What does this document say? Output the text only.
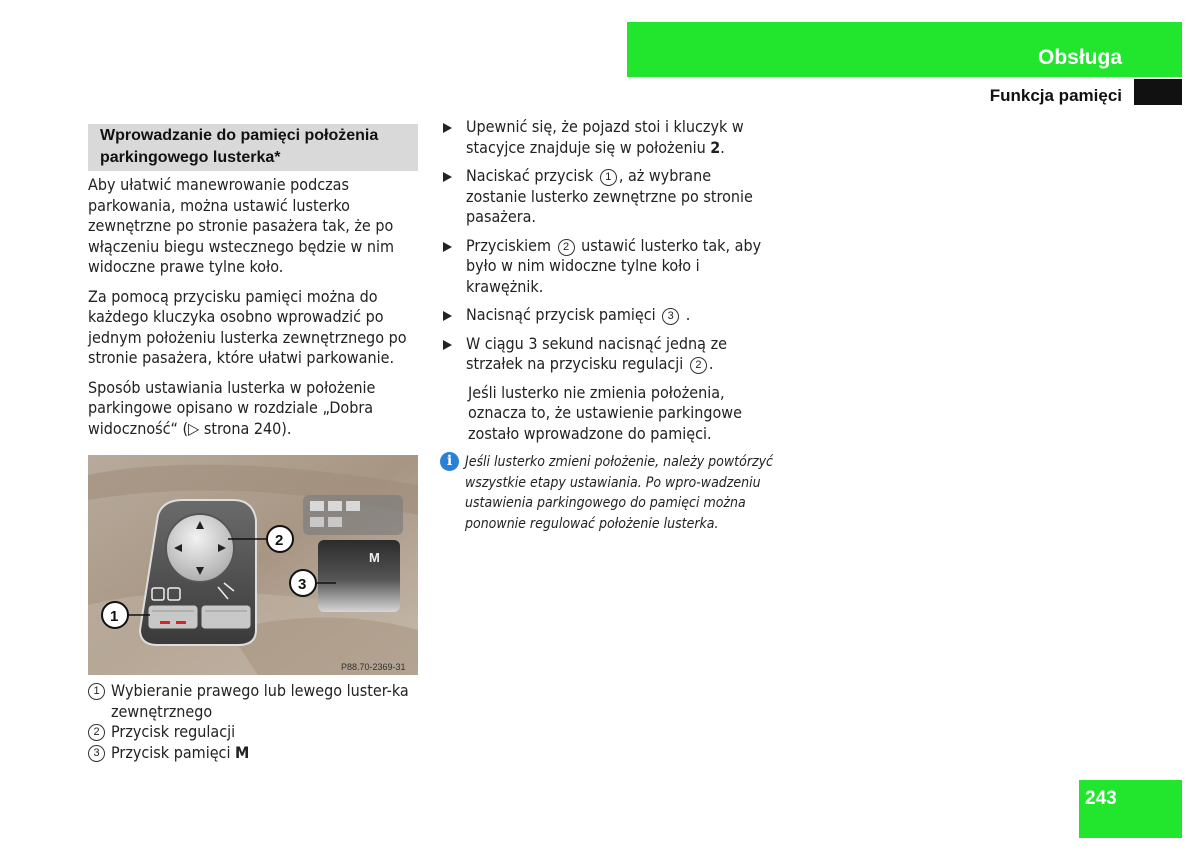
Obsługa
Funkcja pamięci
Wprowadzanie do pamięci położenia parkingowego lusterka*

Aby ułatwić manewrowanie podczas parkowania, można ustawić lusterko zewnętrzne po stronie pasażera tak, że po włączeniu biegu wstecznego będzie w nim widoczne prawe tylne koło.

Za pomocą przycisku pamięci można do każdego kluczyka osobno wprowadzić po jednym położeniu lusterka zewnętrznego po stronie pasażera, które ułatwi parkowanie.

Sposób ustawiania lusterka w położenie parkingowe opisano w rozdziale „Dobra widoczność“ (▷ strona 240).

M
1
2
3
P88.70-2369-31
1 Wybieranie prawego lub lewego luster-ka zewnętrznego
2 Przycisk regulacji
3 Przycisk pamięci M

Upewnić się, że pojazd stoi i kluczyk w stacyjce znajduje się w położeniu 2.

Naciskać przycisk 1 , aż wybrane zostanie lusterko zewnętrzne po stronie pasażera.

Przyciskiem 2 ustawić lusterko tak, aby było w nim widoczne tylne koło i krawężnik.

Nacisnąć przycisk pamięci 3 .

W ciągu 3 sekund nacisnąć jedną ze strzałek na przycisku regulacji 2 .

Jeśli lusterko nie zmienia położenia, oznacza to, że ustawienie parkingowe zostało wprowadzone do pamięci.

i Jeśli lusterko zmieni położenie, należy powtórzyć wszystkie etapy ustawiania. Po wpro-wadzeniu ustawienia parkingowego do pamięci można ponownie regulować położenie lusterka.
243
